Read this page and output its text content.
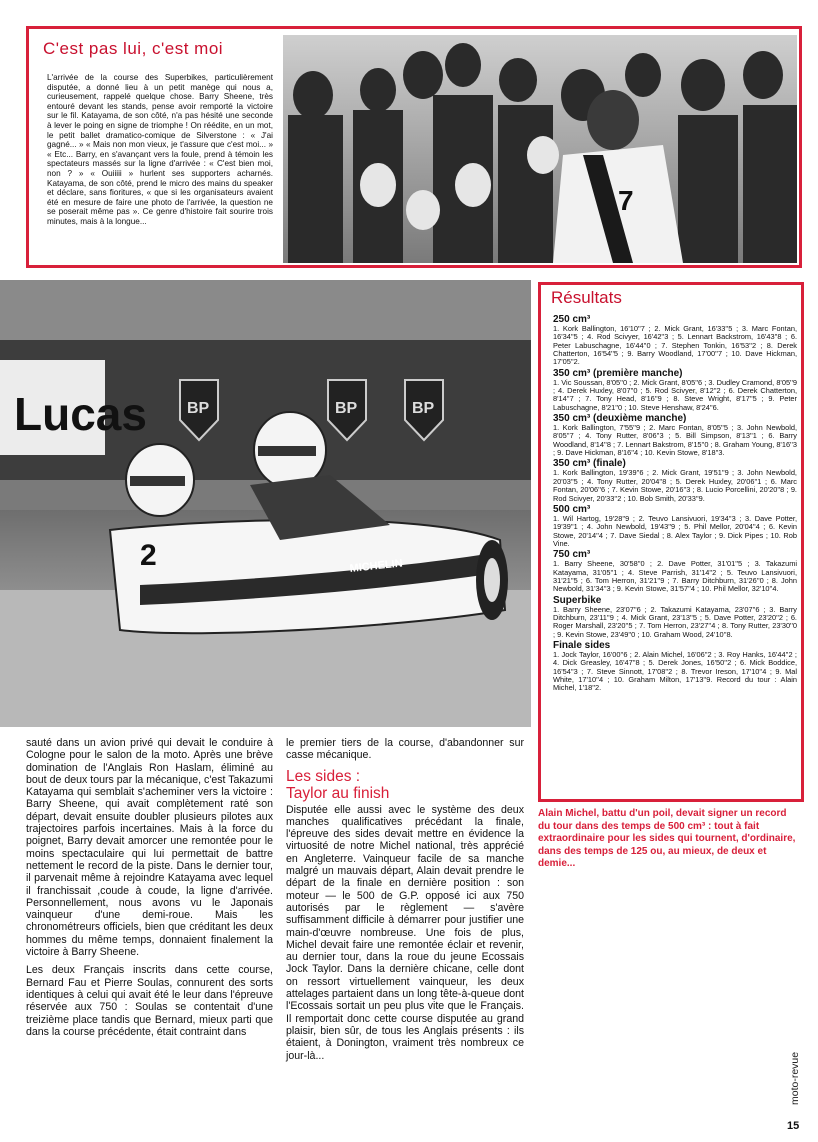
C'est pas lui, c'est moi
L'arrivée de la course des Superbikes, particulièrement disputée, a donné lieu à un petit manège qui nous a, curieusement, rappelé quelque chose. Barry Sheene, très entouré devant les stands, pense avoir remporté la victoire sur le fil. Katayama, de son côté, n'a pas hésité une seconde à lever le poing en signe de triomphe ! On réédite, en un mot, le petit ballet dramatico-comique de Silverstone : « J'ai gagné... » « Mais non mon vieux, je t'assure que c'est moi... » « Etc... Barry, en s'avançant vers la foule, prend à témoin les spectateurs massés sur la ligne d'arrivée : « C'est bien moi, non ? » « Ouiiiii » hurlent ses supporters acharnés. Katayama, de son côté, prend le micro des mains du speaker et déclare, sans fioritures, « que si les organisateurs avaient été en mesure de faire une photo de l'arrivée, la question ne se poserait même pas ». Ce genre d'histoire fait sourire trois minutes, mais à la longue...
7
Lucas	BP	BP	BP
2	MICHELIN
Résultats
250 cm³
1. Kork Ballington, 16'10''7 ; 2. Mick Grant, 16'33''5 ; 3. Marc Fontan, 16'34''5 ; 4. Rod Scivyer, 16'42''3 ; 5. Lennart Backstrom, 16'43''8 ; 6. Peter Labuschagne, 16'44''0 ; 7. Stephen Tonkin, 16'53''2 ; 8. Derek Chatterton, 16'54''5 ; 9. Barry Woodland, 17'00''7 ; 10. Dave Hickman, 17'05''2.
350 cm³ (première manche)
1. Vic Soussan, 8'05''0 ; 2. Mick Grant, 8'05''6 ; 3. Dudley Cramond, 8'05''9 ; 4. Derek Huxley, 8'07''0 ; 5. Rod Scivyer, 8'12''2 ; 6. Derek Chatterton, 8'14''7 ; 7. Tony Head, 8'16''9 ; 8. Steve Wright, 8'17''5 ; 9. Peter Labuschagne, 8'21''0 ; 10. Steve Henshaw, 8'24''6.
350 cm³ (deuxième manche)
1. Kork Ballington, 7'55''9 ; 2. Marc Fontan, 8'05''5 ; 3. John Newbold, 8'05''7 ; 4. Tony Rutter, 8'06''3 ; 5. Bill Simpson, 8'13''1 ; 6. Barry Woodland, 8'14''8 ; 7. Lennart Bakstrom, 8'15''0 ; 8. Graham Young, 8'16''3 ; 9. Dave Hickman, 8'16''4 ; 10. Kevin Stowe, 8'18''3.
350 cm³ (finale)
1. Kork Ballington, 19'39''6 ; 2. Mick Grant, 19'51''9 ; 3. John Newbold, 20'03''5 ; 4. Tony Rutter, 20'04''8 ; 5. Derek Huxley, 20'06''1 ; 6. Marc Fontan, 20'06''6 ; 7. Kevin Stowe, 20'16''3 ; 8. Lucio Porcellini, 20'20''8 ; 9. Rod Scivyer, 20'33''2 ; 10. Bob Smith, 20'33''9.
500 cm³
1. Wil Hartog, 19'28''9 ; 2. Teuvo Lansivuori, 19'34''3 ; 3. Dave Potter, 19'39''1 ; 4. John Newbold, 19'43''9 ; 5. Phil Mellor, 20'04''4 ; 6. Kevin Stowe, 20'14''4 ; 7. Dave Siedal ; 8. Alex Taylor ; 9. Dick Pipes ; 10. Rob Vine.
750 cm³
1. Barry Sheene, 30'58''0 ; 2. Dave Potter, 31'01''5 ; 3. Takazumi Katayama, 31'05''1 ; 4. Steve Parrish, 31'14''2 ; 5. Teuvo Lansivuori, 31'21''5 ; 6. Tom Herron, 31'21''9 ; 7. Barry Ditchburn, 31'26''0 ; 8. John Newbold, 31'34''3 ; 9. Kevin Stowe, 31'57''4 ; 10. Phil Mellor, 32'10''4.
Superbike
1. Barry Sheene, 23'07''6 ; 2. Takazumi Katayama, 23'07''6 ; 3. Barry Ditchburn, 23'11''9 ; 4. Mick Grant, 23'13''5 ; 5. Dave Potter, 23'20''2 ; 6. Roger Marshall, 23'20''5 ; 7. Tom Herron, 23'27''4 ; 8. Tony Rutter, 23'30''0 ; 9. Kevin Stowe, 23'49''0 ; 10. Graham Wood, 24'10''8.
Finale sides
1. Jock Taylor, 16'00''6 ; 2. Alain Michel, 16'06''2 ; 3. Roy Hanks, 16'44''2 ; 4. Dick Greasley, 16'47''8 ; 5. Derek Jones, 16'50''2 ; 6. Mick Boddice, 16'54''3 ; 7. Steve Sinnott, 17'08''2 ; 8. Trevor Ireson, 17'10''4 ; 9. Mal White, 17'10''4 ; 10. Graham Milton, 17'13''9. Record du tour : Alain Michel, 1'18''2.
Alain Michel, battu d'un poil, devait signer un record du tour dans des temps de 500 cm³ : tout à fait extraordinaire pour les sides qui tournent, d'ordinaire, dans des temps de 125 ou, au mieux, de deux et demie...

sauté dans un avion privé qui devait le conduire à Cologne pour le salon de la moto. Après une brève domination de l'Anglais Ron Haslam, éliminé au bout de deux tours par la mécanique, c'est Takazumi Katayama qui semblait s'acheminer vers la victoire : Barry Sheene, qui avait complètement raté son départ, devait ensuite doubler plusieurs pilotes aux trajectoires parfois incertaines. Mais à la force du poignet, Barry devait amorcer une remontée pour le moins spectaculaire qui lui permettait de battre nettement le record de la piste. Dans le dernier tour, il parvenait même à rejoindre Katayama avec lequel il franchissait ,coude à coude, la ligne d'arrivée. Personnellement, nous avons vu le Japonais vainqueur d'une demi-roue. Mais les chronométreurs officiels, bien que créditant les deux hommes du même temps, donnaient finalement la victoire à Barry Sheene.

Les deux Français inscrits dans cette course, Bernard Fau et Pierre Soulas, connurent des sorts identiques à celui qui avait été le leur dans l'épreuve réservée aux 750 : Soulas se contentait d'une treizième place tandis que Bernard, mieux parti que dans la course précédente, était contraint dans

le premier tiers de la course, d'abandonner sur casse mécanique.

Les sides :
Taylor au finish

Disputée elle aussi avec le système des deux manches qualificatives précédant la finale, l'épreuve des sides devait mettre en évidence la virtuosité de notre Michel national, très apprécié en Angleterre. Vainqueur facile de sa manche malgré un mauvais départ, Alain devait prendre le départ de la finale en dernière position : son moteur — le 500 de G.P. opposé ici aux 750 autorisés par le règlement — s'avère suffisamment difficile à démarrer pour justifier une main-d'œuvre nombreuse. Une fois de plus, Michel devait faire une remontée éclair et revenir, au dernier tour, dans la roue du jeune Ecossais Jock Taylor. Dans la dernière chicane, celle dont on ressort virtuellement vainqueur, les deux attelages partaient dans un long tête-à-queue dont l'Ecossais sortait un peu plus vite que le Français. Il remportait donc cette course disputée au grand plaisir, bien sûr, de tous les Anglais présents : ils étaient, à Donington, vraiment très nombreux ce jour-là...	moto-revue
15
